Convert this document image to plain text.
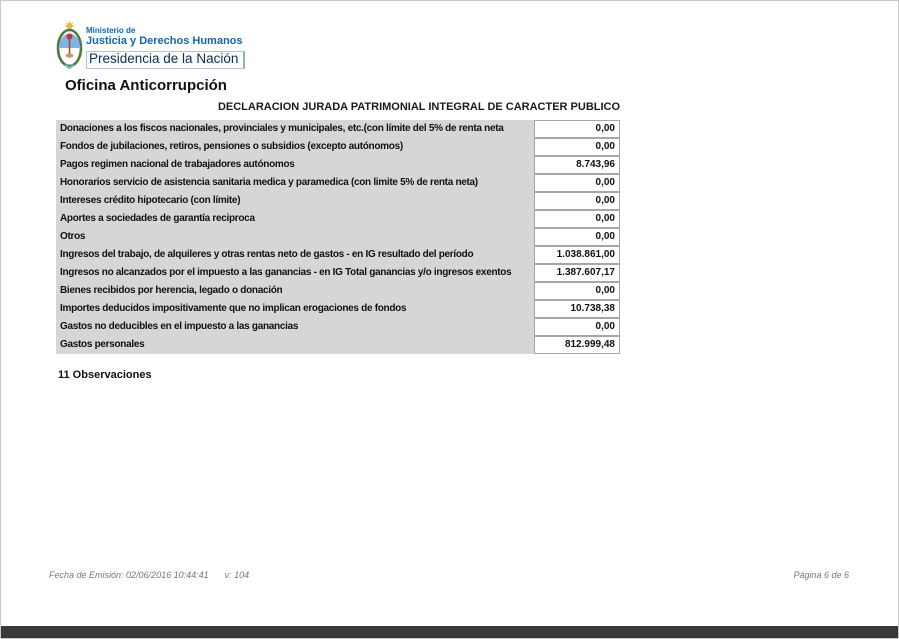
Ministerio de
Justicia y Derechos Humanos
Presidencia de la Nación
Oficina Anticorrupción
DECLARACION JURADA PATRIMONIAL INTEGRAL DE CARACTER PUBLICO
Donaciones a los fiscos nacionales, provinciales y municipales, etc.(con límite del 5% de renta neta	0,00
Fondos de jubilaciones, retiros, pensiones o subsidios (excepto autónomos)	0,00
Pagos regimen nacional de trabajadores autónomos	8.743,96
Honorarios servicio de asistencia sanitaria medica y paramedica (con limite 5% de renta neta)	0,00
Intereses crédito hipotecario (con límite)	0,00
Aportes a sociedades de garantía reciproca	0,00
Otros	0,00
Ingresos del trabajo, de alquileres y otras rentas neto de gastos - en IG resultado del período	1.038.861,00
Ingresos no alcanzados por el impuesto a las ganancias - en IG Total ganancias y/o ingresos exentos	1.387.607,17
Bienes recibidos por herencia, legado o donación	0,00
Importes deducidos impositivamente que no implican erogaciones de fondos	10.738,38
Gastos no deducibles en el impuesto a las ganancias	0,00
Gastos personales	812.999,48
11 Observaciones
Fecha de Emisión: 02/06/2016 10:44:41 v: 104	Página 6 de 6
